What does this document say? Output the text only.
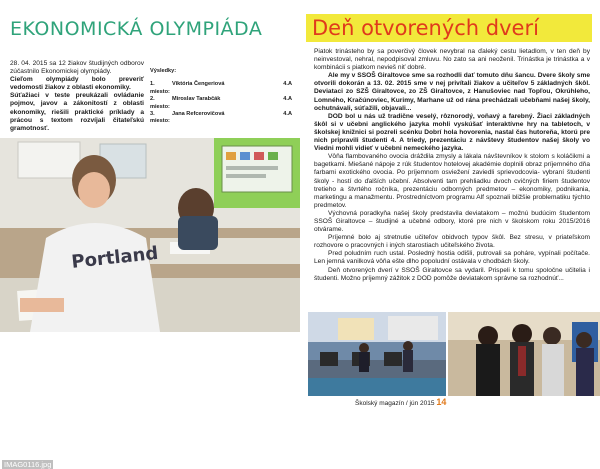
EKONOMICKÁ OLYMPIÁDA Deň otvorených dverí

28. 04. 2015 sa 12 žiakov študijných odborov zúčastnilo Ekonomickej olympiády.

Cieľom olympiády bolo preveriť vedomosti žiakov z oblasti ekonomiky.

Súťažiaci v teste preukázali ovládanie pojmov, javov a zákonitostí z oblasti ekonomiky, riešili praktické príklady a prácou s textom rozvíjali čitateľskú gramotnosť.

Výsledky:
1. miesto:
Viktória Čengeriová	4.A
2. miesto:
Miroslav Tarabčák	4.A
3. miesto:
Jana Refcerovičová	4.A
Portland
IMAG0116.jpg

Piatok trinásteho by sa poverčivý človek nevybral na ďaleký cestu lietadlom, v ten deň by neinvestoval, nehral, nepodpisoval zmluvu. No zato sa ani neoženil. Trinástka je trinástka a v kombinácii s piatkom nevieš niť dobré.

Ale my v SSOŠ Giraltovce sme sa rozhodli dať tomuto dňu šancu. Dvere školy sme otvorili dokorán a 13. 02. 2015 sme v nej privítali žiakov a učiteľov 5 základných škôl. Deviataci zo SZŠ Giraltovce, zo ZŠ Giraltovce, z Hanušoviec nad Topľou, Okrúhleho, Lomného, Kračúnoviec, Kurimy, Marhane už od rána prechádzali učebňami našej školy, ochutnávali, súťažili, objavali...

DOD bol u nás už tradične veselý, rôznorodý, voňavý a farebný. Žiaci základných škôl si v učebni anglického jazyka mohli vyskúšať interaktívne hry na tabletoch, v školskej knižnici si pozreli scénku Dobrí hola hovorenia, nastal čas hutoreňa, ktorú pre nich pripravili študenti 4. A triedy, prezentáciu z návštevy študentov našej školy vo Viedni mohli vidieť v učebni nemeckého jazyka.

Vôňa flambovaného ovocia dráždila zmysly a lákala návštevníkov k stolom s koláčikmi a bagetkami. Miešané nápoje z rúk študentov hotelovej akadémie doplnili obraz príjemného dňa farbami exotického ovocia. Po príjemnom osviežení zaviedli sprievodcovia- vybraní študenti školy - hostí do ďalších učební. Absolventi tam prehliadku dvoch cvičných firiem študentov tretieho a štvrtého ročníka, prezentáciu odborných predmetov – ekonomiky, podnikania, marketingu a manažmentu. Prostredníctvom programu Alf spoznali bližšie problematiku týchto predmetov.

Výchovná poradkyňa našej školy predstavila deviatakom – možnú budúcim študentom SSOŠ Giraltovce – študijné a učebné odbory, ktoré pre nich v školskom roku 2015/2016 otvárame.

Príjemné bolo aj stretnutie učiteľov obidvoch typov škôl. Bez stresu, v priateľskom rozhovore o pracovných i iných starostiach učiteľského života.

Pred poludním ruch ustal. Posledný hostia odišli, putrovali sa poháre, vypínali počítače. Len jemná vanilková vôňa ešte dlho popoludní ostávala v chodbách školy.

Deň otvorených dverí v SSOŠ Giraltovce sa vydaril. Prispeli k tomu spoločne učitelia i študenti. Možno príjemný zážitok z DOD pomôže deviatakom správne sa rozhodnúť...

Školský magazín / jún 2015 14
